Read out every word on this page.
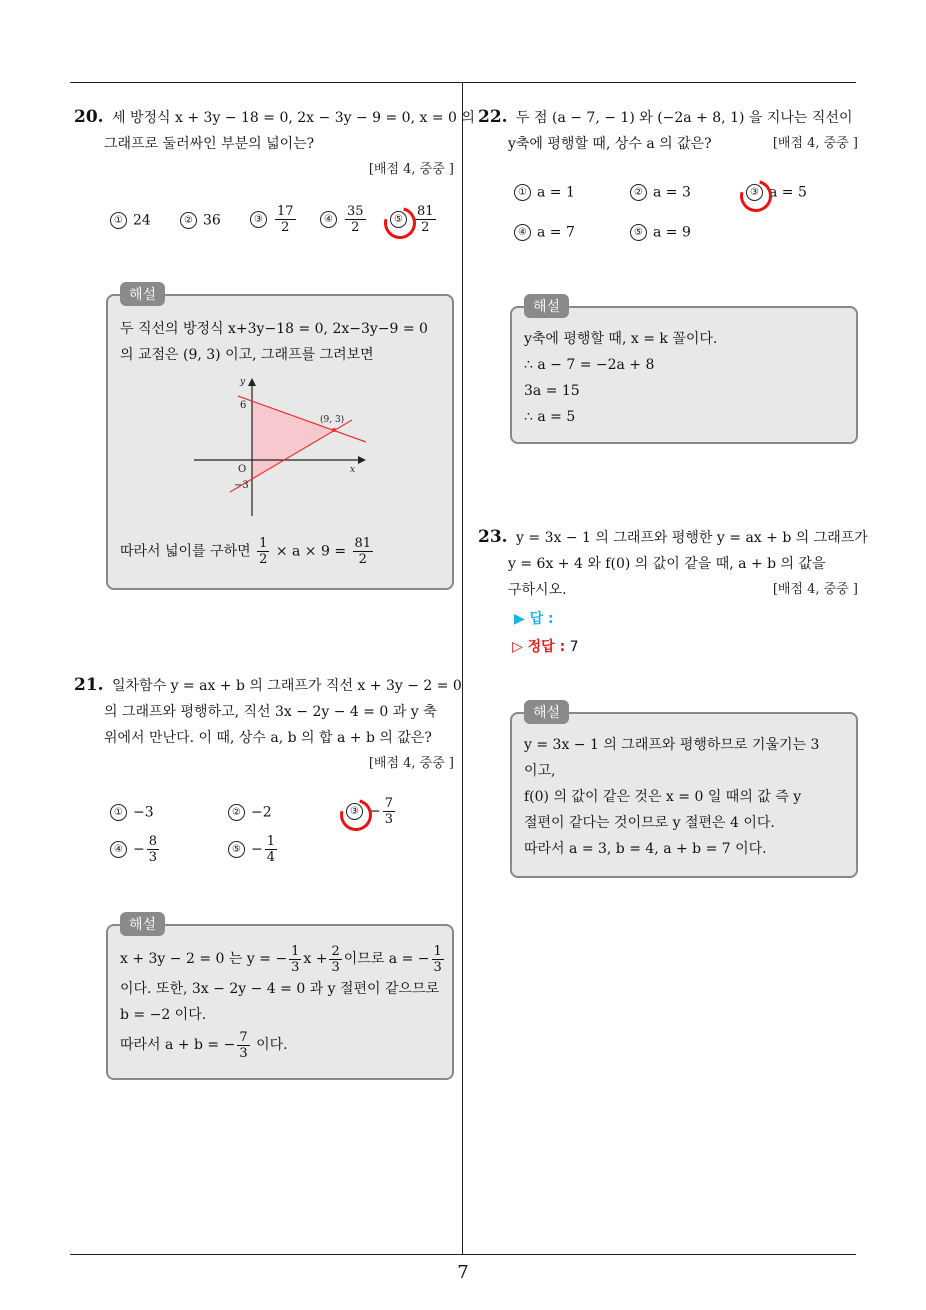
7
20. 세 방정식 x + 3y − 18 = 0, 2x − 3y − 9 = 0, x = 0 의
그래프로 둘러싸인 부분의 넓이는?
[배점 4, 중중 ]
① 24	② 36	③ $\frac{17}{2}$	④ $\frac{35}{2}$	⑤ $\frac{81}{2}$
해설
두 직선의 방정식 x+3y−18 = 0, 2x−3y−9 = 0
의 교점은 (9, 3) 이고, 그래프를 그려보면
y
x
O
6
−3
(9, 3)
따라서 넓이를 구하면 $\frac{1}{2} \times a \times 9 = \frac{81}{2}$
21. 일차함수 y = ax + b 의 그래프가 직선 x + 3y − 2 = 0
의 그래프와 평행하고, 직선 3x − 2y − 4 = 0 과 y 축
위에서 만난다. 이 때, 상수 a, b 의 합 a + b 의 값은?
[배점 4, 중중 ]
① −3	② −2	③ − $\frac{7}{3}$
④ − $\frac{8}{3}$	⑤ − $\frac{1}{4}$
해설
x + 3y − 2 = 0 는 y = − $\frac{1}{3}$ $x + \frac{2}{3}$ 이므로 a = − $\frac{1}{3}$
이다. 또한, 3x − 2y − 4 = 0 과 y 절편이 같으므로
b = −2 이다.
따라서 a + b = − $\frac{7}{3}$ 이다.
22. 두 점 (a − 7, − 1) 와 (−2a + 8, 1) 을 지나는 직선이
y축에 평행할 때, 상수 a 의 값은?	[배점 4, 중중 ]
① a = 1	② a = 3	③ a = 5
④ a = 7	⑤ a = 9
해설
y축에 평행할 때, x = k 꼴이다.
∴ a − 7 = −2a + 8
3a = 15
∴ a = 5
23. y = 3x − 1 의 그래프와 평행한 y = ax + b 의 그래프가
y = 6x + 4 와 f(0) 의 값이 같을 때, a + b 의 값을
구하시오.	[배점 4, 중중 ]
▶ 답 :
▷ 정답 : 7
해설
y = 3x − 1 의 그래프와 평행하므로 기울기는 3
이고,
f(0) 의 값이 같은 것은 x = 0 일 때의 값 즉 y
절편이 같다는 것이므로 y 절편은 4 이다.
따라서 a = 3, b = 4, a + b = 7 이다.
